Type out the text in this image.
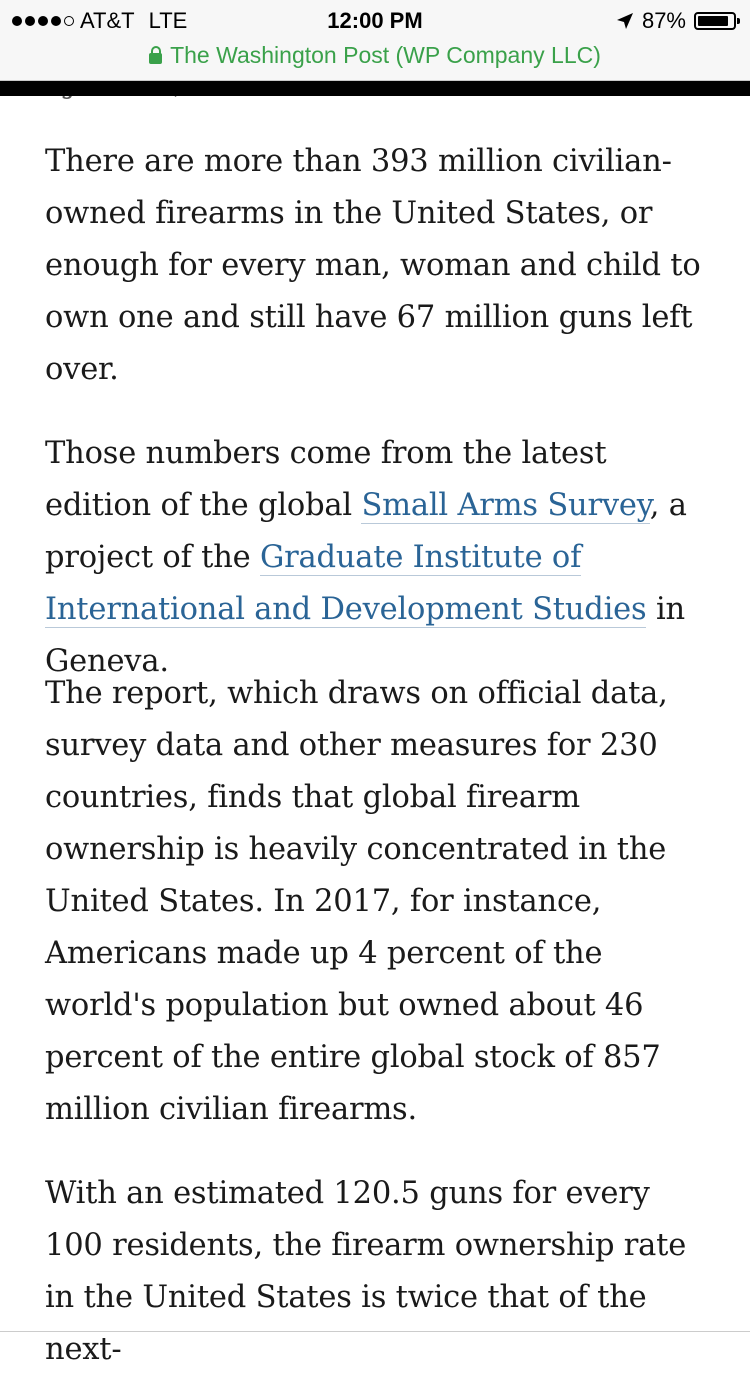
AT&T LTE	12:00 PM	87%
The Washington Post (WP Company LLC)

There are more than 393 million civilian-owned firearms in the United States, or enough for every man, woman and child to own one and still have 67 million guns left over.

Those numbers come from the latest edition of the global Small Arms Survey, a project of the Graduate Institute of International and Development Studies in Geneva.

The report, which draws on official data, survey data and other measures for 230 countries, finds that global firearm ownership is heavily concentrated in the United States. In 2017, for instance, Americans made up 4 percent of the world's population but owned about 46 percent of the entire global stock of 857 million civilian firearms.

With an estimated 120.5 guns for every 100 residents, the firearm ownership rate in the United States is twice that of the next-
